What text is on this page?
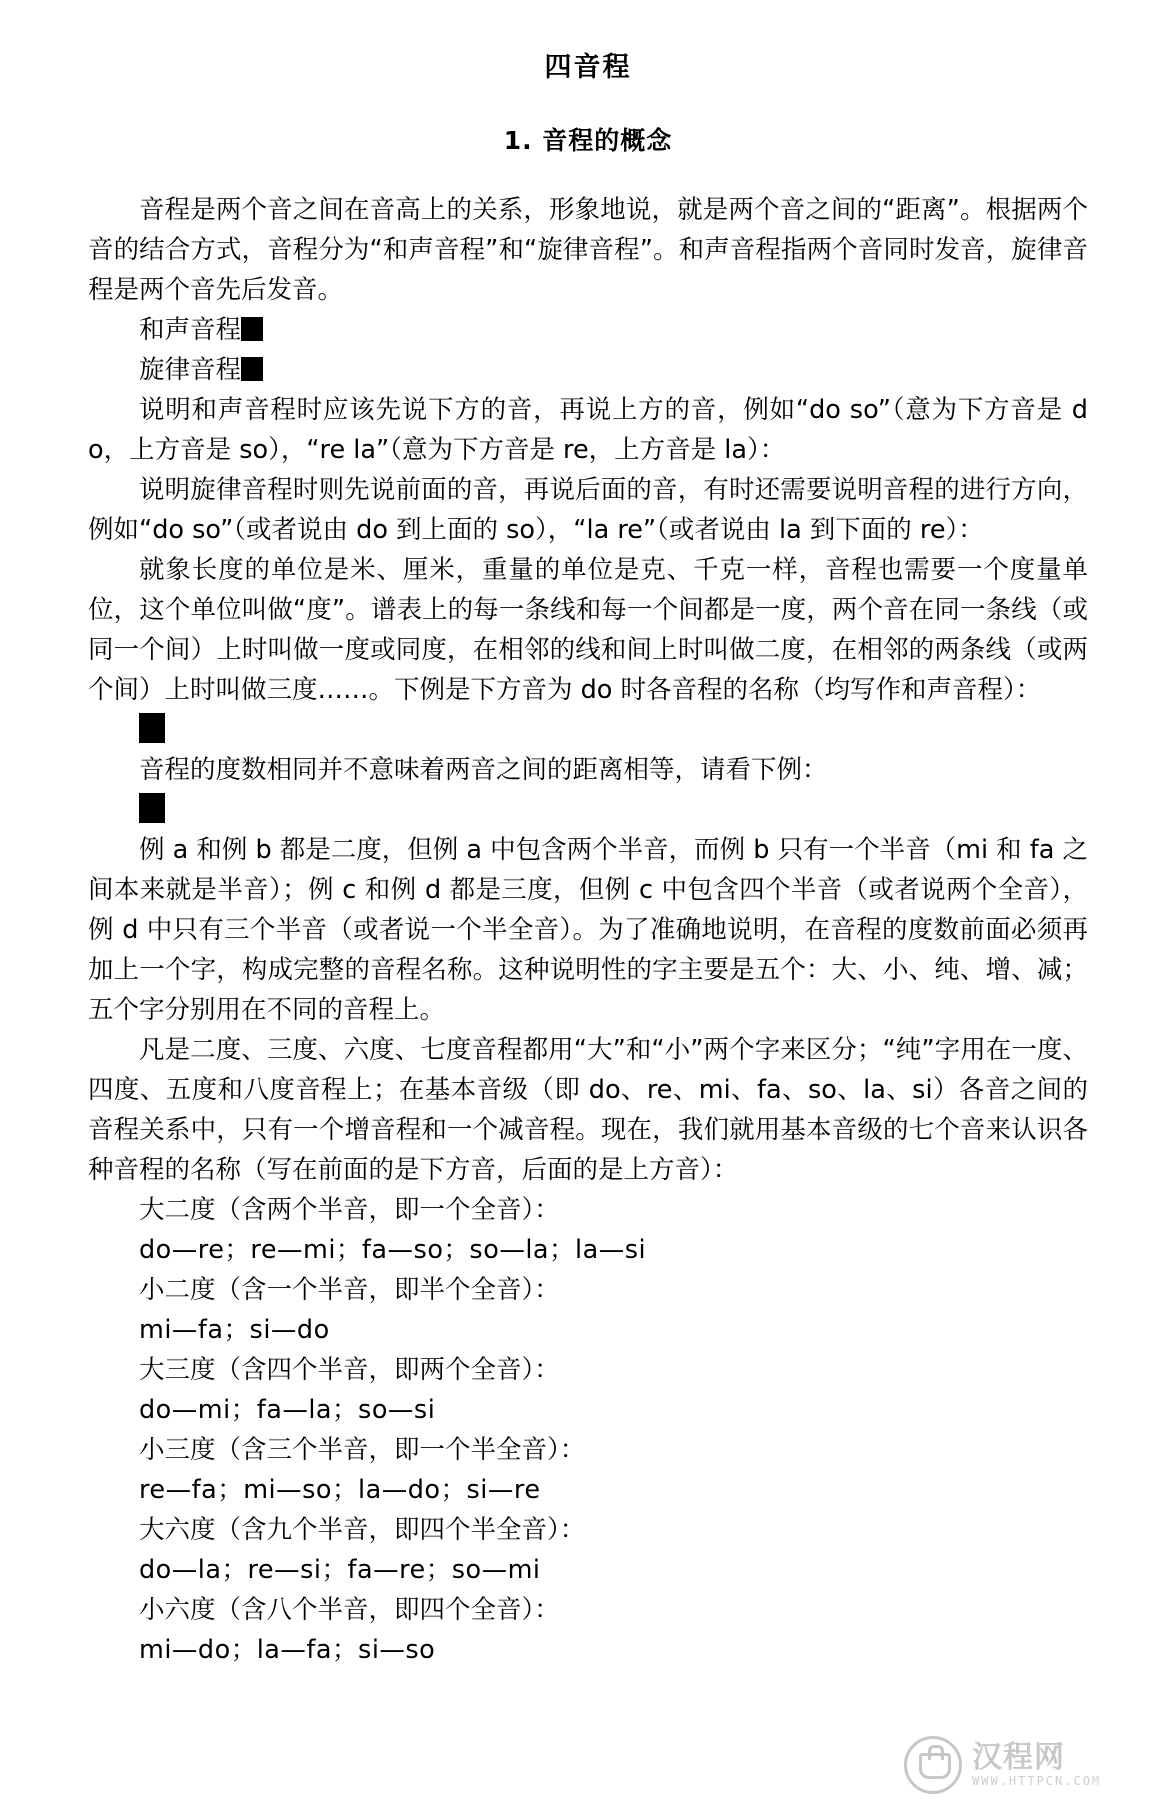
四音程
1. 音程的概念

音程是两个音之间在音高上的关系，形象地说，就是两个音之间的“距离”。根据两个音的结合方式，音程分为“和声音程”和“旋律音程”。和声音程指两个音同时发音，旋律音程是两个音先后发音。

和声音程

旋律音程

说明和声音程时应该先说下方的音，再说上方的音，例如“do so”（意为下方音是 do，上方音是 so），“re la”（意为下方音是 re，上方音是 la）：

说明旋律音程时则先说前面的音，再说后面的音，有时还需要说明音程的进行方向，例如“do so”（或者说由 do 到上面的 so），“la re”（或者说由 la 到下面的 re）：

就象长度的单位是米、厘米，重量的单位是克、千克一样，音程也需要一个度量单位，这个单位叫做“度”。谱表上的每一条线和每一个间都是一度，两个音在同一条线（或同一个间）上时叫做一度或同度，在相邻的线和间上时叫做二度，在相邻的两条线（或两个间）上时叫做三度……。下例是下方音为 do 时各音程的名称（均写作和声音程）：

音程的度数相同并不意味着两音之间的距离相等，请看下例：

例 a 和例 b 都是二度，但例 a 中包含两个半音，而例 b 只有一个半音（mi 和 fa 之间本来就是半音）；例 c 和例 d 都是三度，但例 c 中包含四个半音（或者说两个全音），例 d 中只有三个半音（或者说一个半全音）。为了准确地说明，在音程的度数前面必须再加上一个字，构成完整的音程名称。这种说明性的字主要是五个：大、小、纯、增、减；五个字分别用在不同的音程上。

凡是二度、三度、六度、七度音程都用“大”和“小”两个字来区分；“纯”字用在一度、四度、五度和八度音程上；在基本音级（即 do、re、mi、fa、so、la、si）各音之间的音程关系中，只有一个增音程和一个减音程。现在，我们就用基本音级的七个音来认识各种音程的名称（写在前面的是下方音，后面的是上方音）：

大二度（含两个半音，即一个全音）：

do—re；re—mi；fa—so；so—la；la—si

小二度（含一个半音，即半个全音）：

mi—fa；si—do

大三度（含四个半音，即两个全音）：

do—mi；fa—la；so—si

小三度（含三个半音，即一个半全音）：

re—fa；mi—so；la—do；si—re

大六度（含九个半音，即四个半全音）：

do—la；re—si；fa—re；so—mi

小六度（含八个半音，即四个全音）：

mi—do；la—fa；si—so

汉程网
WWW.HTTPCN.COM
